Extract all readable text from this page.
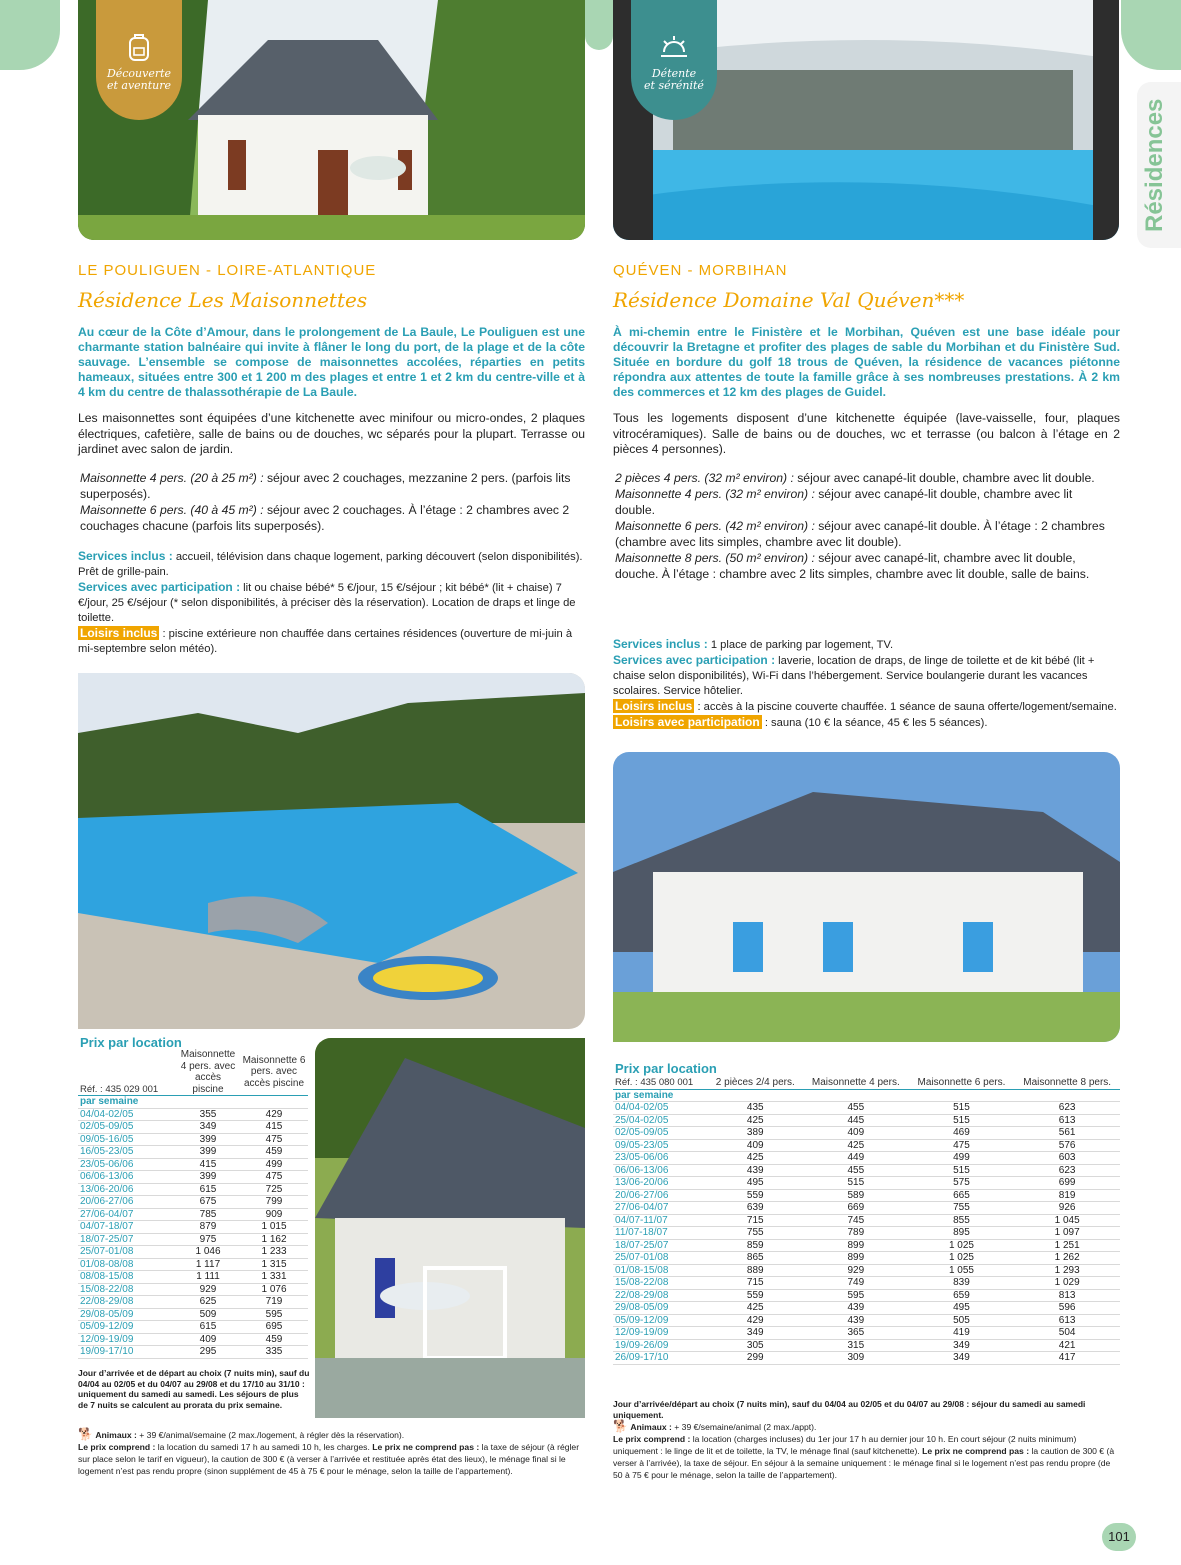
Résidences
Découverte
et aventure
Détente
et sérénité
LE POULIGUEN - LOIRE-ATLANTIQUE
Résidence Les Maisonnettes
Au cœur de la Côte d’Amour, dans le prolongement de La Baule, Le Pouliguen est une charmante station balnéaire qui invite à flâner le long du port, de la plage et de la côte sauvage. L’ensemble se compose de maisonnettes accolées, réparties en petits hameaux, situées entre 300 et 1 200 m des plages et entre 1 et 2 km du centre-ville et à 4 km du centre de thalassothérapie de La Baule.
Les maisonnettes sont équipées d’une kitchenette avec minifour ou micro-ondes, 2 plaques électriques, cafetière, salle de bains ou de douches, wc séparés pour la plupart. Terrasse ou jardinet avec salon de jardin.
Maisonnette 4 pers. (20 à 25 m²) : séjour avec 2 couchages, mezzanine 2 pers. (parfois lits superposés).
Maisonnette 6 pers. (40 à 45 m²) : séjour avec 2 couchages. À l’étage : 2 chambres avec 2 couchages chacune (parfois lits superposés).
Services inclus : accueil, télévision dans chaque logement, parking découvert (selon disponibilités). Prêt de grille-pain.
Services avec participation : lit ou chaise bébé* 5 €/jour, 15 €/séjour ; kit bébé* (lit + chaise) 7 €/jour, 25 €/séjour (* selon disponibilités, à préciser dès la réservation). Location de draps et linge de toilette.
Loisirs inclus : piscine extérieure non chauffée dans certaines résidences (ouverture de mi-juin à mi-septembre selon météo).
Prix par location
Réf. : 435 029 001	Maisonnette 4 pers. avec accès piscine	Maisonnette 6 pers. avec accès piscine
par semaine		
04/04-02/05	355	429
02/05-09/05	349	415
09/05-16/05	399	475
16/05-23/05	399	459
23/05-06/06	415	499
06/06-13/06	399	475
13/06-20/06	615	725
20/06-27/06	675	799
27/06-04/07	785	909
04/07-18/07	879	1 015
18/07-25/07	975	1 162
25/07-01/08	1 046	1 233
01/08-08/08	1 117	1 315
08/08-15/08	1 111	1 331
15/08-22/08	929	1 076
22/08-29/08	625	719
29/08-05/09	509	595
05/09-12/09	615	695
12/09-19/09	409	459
19/09-17/10	295	335
Jour d’arrivée et de départ au choix (7 nuits min), sauf du 04/04 au 02/05 et du 04/07 au 29/08 et du 17/10 au 31/10 : uniquement du samedi au samedi. Les séjours de plus de 7 nuits se calculent au prorata du prix semaine.
🐕 Animaux : + 39 €/animal/semaine (2 max./logement, à régler dès la réservation).
Le prix comprend : la location du samedi 17 h au samedi 10 h, les charges. Le prix ne comprend pas : la taxe de séjour (à régler sur place selon le tarif en vigueur), la caution de 300 € (à verser à l’arrivée et restituée après état des lieux), le ménage final si le logement n’est pas rendu propre (sinon supplément de 45 à 75 € pour le ménage, selon la taille de l’appartement).
QUÉVEN - MORBIHAN
Résidence Domaine Val Quéven***
À mi-chemin entre le Finistère et le Morbihan, Quéven est une base idéale pour découvrir la Bretagne et profiter des plages de sable du Morbihan et du Finistère Sud. Située en bordure du golf 18 trous de Quéven, la résidence de vacances piétonne répondra aux attentes de toute la famille grâce à ses nombreuses prestations. À 2 km des commerces et 12 km des plages de Guidel.
Tous les logements disposent d’une kitchenette équipée (lave-vaisselle, four, plaques vitrocéramiques). Salle de bains ou de douches, wc et terrasse (ou balcon à l’étage en 2 pièces 4 personnes).
2 pièces 4 pers. (32 m² environ) : séjour avec canapé-lit double, chambre avec lit double.
Maisonnette 4 pers. (32 m² environ) : séjour avec canapé-lit double, chambre avec lit double.
Maisonnette 6 pers. (42 m² environ) : séjour avec canapé-lit double. À l’étage : 2 chambres (chambre avec lits simples, chambre avec lit double).
Maisonnette 8 pers. (50 m² environ) : séjour avec canapé-lit, chambre avec lit double, douche. À l’étage : chambre avec 2 lits simples, chambre avec lit double, salle de bains.
Services inclus : 1 place de parking par logement, TV.
Services avec participation : laverie, location de draps, de linge de toilette et de kit bébé (lit + chaise selon disponibilités), Wi-Fi dans l’hébergement. Service boulangerie durant les vacances scolaires. Service hôtelier.
Loisirs inclus : accès à la piscine couverte chauffée. 1 séance de sauna offerte/logement/semaine.
Loisirs avec participation : sauna (10 € la séance, 45 € les 5 séances).
Prix par location
Réf. : 435 080 001	2 pièces 2/4 pers.	Maisonnette 4 pers.	Maisonnette 6 pers.	Maisonnette 8 pers.
par semaine				
04/04-02/05	435	455	515	623
25/04-02/05	425	445	515	613
02/05-09/05	389	409	469	561
09/05-23/05	409	425	475	576
23/05-06/06	425	449	499	603
06/06-13/06	439	455	515	623
13/06-20/06	495	515	575	699
20/06-27/06	559	589	665	819
27/06-04/07	639	669	755	926
04/07-11/07	715	745	855	1 045
11/07-18/07	755	789	895	1 097
18/07-25/07	859	899	1 025	1 251
25/07-01/08	865	899	1 025	1 262
01/08-15/08	889	929	1 055	1 293
15/08-22/08	715	749	839	1 029
22/08-29/08	559	595	659	813
29/08-05/09	425	439	495	596
05/09-12/09	429	439	505	613
12/09-19/09	349	365	419	504
19/09-26/09	305	315	349	421
26/09-17/10	299	309	349	417
Jour d’arrivée/départ au choix (7 nuits min), sauf du 04/04 au 02/05 et du 04/07 au 29/08 : séjour du samedi au samedi uniquement.
🐕 Animaux : + 39 €/semaine/animal (2 max./appt).
Le prix comprend : la location (charges incluses) du 1er jour 17 h au dernier jour 10 h. En court séjour (2 nuits minimum) uniquement : le linge de lit et de toilette, la TV, le ménage final (sauf kitchenette). Le prix ne comprend pas : la caution de 300 € (à verser à l’arrivée), la taxe de séjour. En séjour à la semaine uniquement : le ménage final si le logement n’est pas rendu propre (de 50 à 75 € pour le ménage, selon la taille de l’appartement).
101
